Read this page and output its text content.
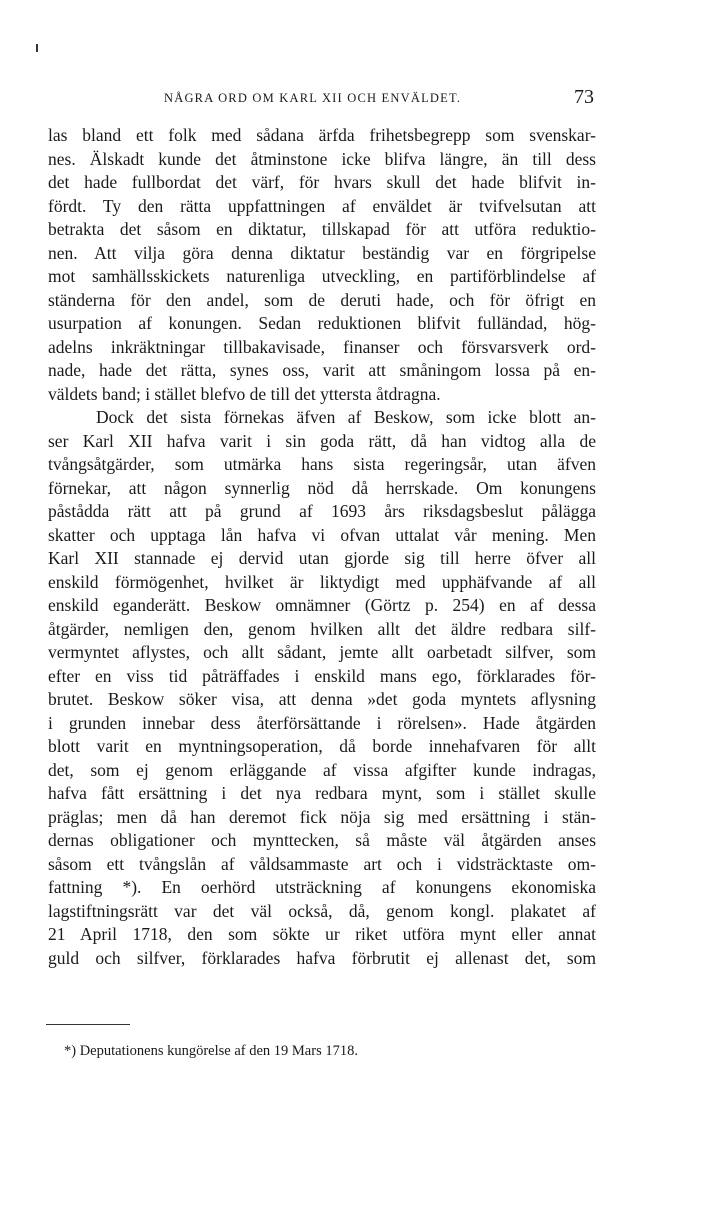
NÅGRA ORD OM KARL XII OCH ENVÄLDET.	73
las bland ett folk med sådana ärfda frihetsbegrepp som svenskar-
nes. Älskadt kunde det åtminstone icke blifva längre, än till dess
det hade fullbordat det värf, för hvars skull det hade blifvit in-
fördt. Ty den rätta uppfattningen af enväldet är tvifvelsutan att
betrakta det såsom en diktatur, tillskapad för att utföra reduktio-
nen. Att vilja göra denna diktatur beständig var en förgripelse
mot samhällsskickets naturenliga utveckling, en partiförblindelse af
ständerna för den andel, som de deruti hade, och för öfrigt en
usurpation af konungen. Sedan reduktionen blifvit fulländad, hög-
adelns inkräktningar tillbakavisade, finanser och försvarsverk ord-
nade, hade det rätta, synes oss, varit att småningom lossa på en-
väldets band; i stället blefvo de till det yttersta åtdragna.
Dock det sista förnekas äfven af Beskow, som icke blott an-
ser Karl XII hafva varit i sin goda rätt, då han vidtog alla de
tvångsåtgärder, som utmärka hans sista regeringsår, utan äfven
förnekar, att någon synnerlig nöd då herrskade. Om konungens
påstådda rätt att på grund af 1693 års riksdagsbeslut pålägga
skatter och upptaga lån hafva vi ofvan uttalat vår mening. Men
Karl XII stannade ej dervid utan gjorde sig till herre öfver all
enskild förmögenhet, hvilket är liktydigt med upphäfvande af all
enskild eganderätt. Beskow omnämner (Görtz p. 254) en af dessa
åtgärder, nemligen den, genom hvilken allt det äldre redbara silf-
vermyntet aflystes, och allt sådant, jemte allt oarbetadt silfver, som
efter en viss tid påträffades i enskild mans ego, förklarades för-
brutet. Beskow söker visa, att denna »det goda myntets aflysning
i grunden innebar dess återförsättande i rörelsen». Hade åtgärden
blott varit en myntningsoperation, då borde innehafvaren för allt
det, som ej genom erläggande af vissa afgifter kunde indragas,
hafva fått ersättning i det nya redbara mynt, som i stället skulle
präglas; men då han deremot fick nöja sig med ersättning i stän-
dernas obligationer och mynttecken, så måste väl åtgärden anses
såsom ett tvångslån af våldsammaste art och i vidsträcktaste om-
fattning *). En oerhörd utsträckning af konungens ekonomiska
lagstiftningsrätt var det väl också, då, genom kongl. plakatet af
21 April 1718, den som sökte ur riket utföra mynt eller annat
guld och silfver, förklarades hafva förbrutit ej allenast det, som
*) Deputationens kungörelse af den 19 Mars 1718.
